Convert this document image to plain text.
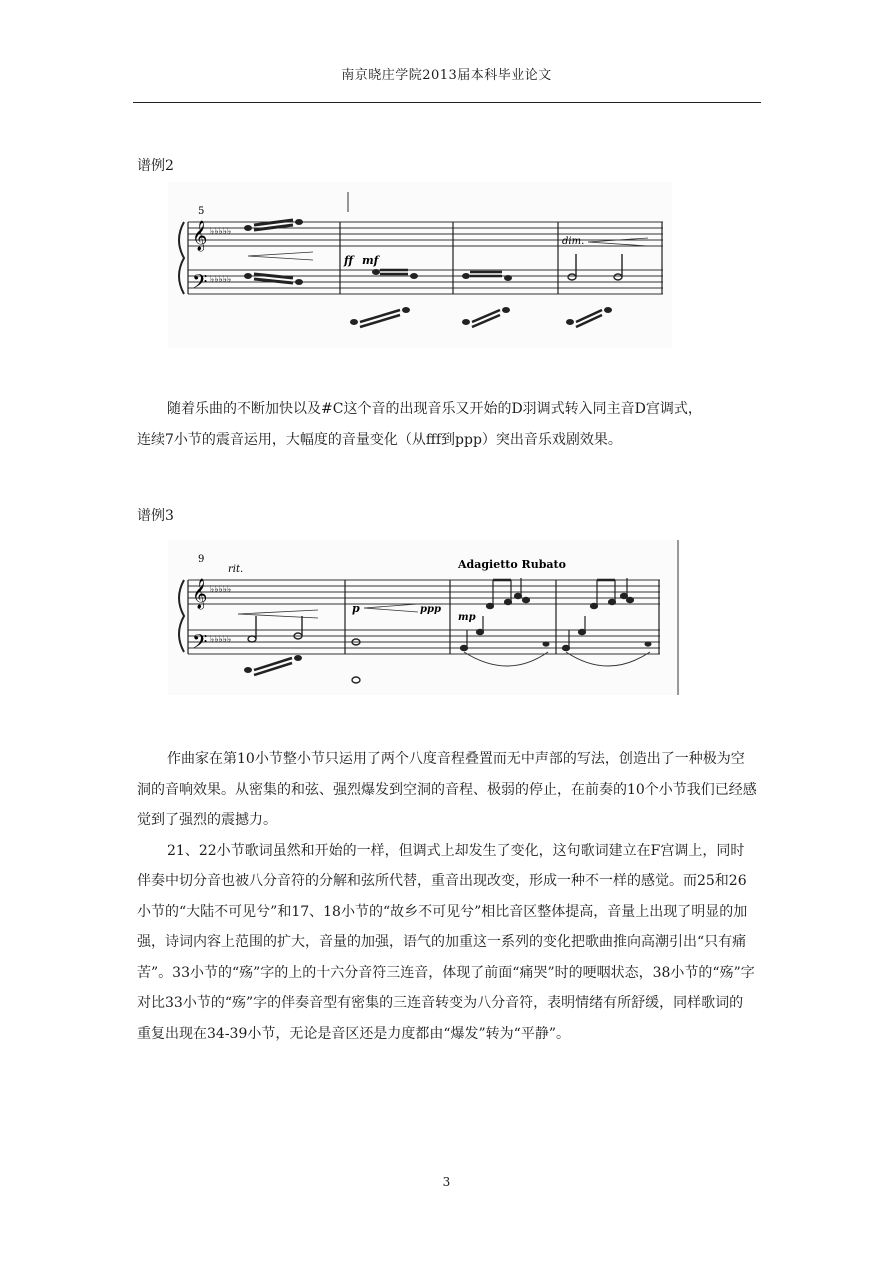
南京晓庄学院2013届本科毕业论文
谱例2
5
𝄞
𝄢
♭♭♭♭♭
♭♭♭♭♭
ff mf
dim.

随着乐曲的不断加快以及#C这个音的出现音乐又开始的D羽调式转入同主音D宫调式，

连续7小节的震音运用，大幅度的音量变化（从fff到ppp）突出音乐戏剧效果。

谱例3
9
rit.
𝄞
𝄢
♭♭♭♭♭
♭♭♭♭♭
p	ppp
Adagietto Rubato
mp

作曲家在第10小节整小节只运用了两个八度音程叠置而无中声部的写法，创造出了一种极为空洞的音响效果。从密集的和弦、强烈爆发到空洞的音程、极弱的停止，在前奏的10个小节我们已经感觉到了强烈的震撼力。

21、22小节歌词虽然和开始的一样，但调式上却发生了变化，这句歌词建立在F宫调上，同时伴奏中切分音也被八分音符的分解和弦所代替，重音出现改变，形成一种不一样的感觉。而25和26小节的“大陆不可见兮”和17、18小节的“故乡不可见兮”相比音区整体提高，音量上出现了明显的加强，诗词内容上范围的扩大，音量的加强，语气的加重这一系列的变化把歌曲推向高潮引出“只有痛苦”。33小节的“殇”字的上的十六分音符三连音，体现了前面“痛哭”时的哽咽状态，38小节的“殇”字对比33小节的“殇”字的伴奏音型有密集的三连音转变为八分音符，表明情绪有所舒缓，同样歌词的重复出现在34-39小节，无论是音区还是力度都由“爆发”转为“平静”。

3
